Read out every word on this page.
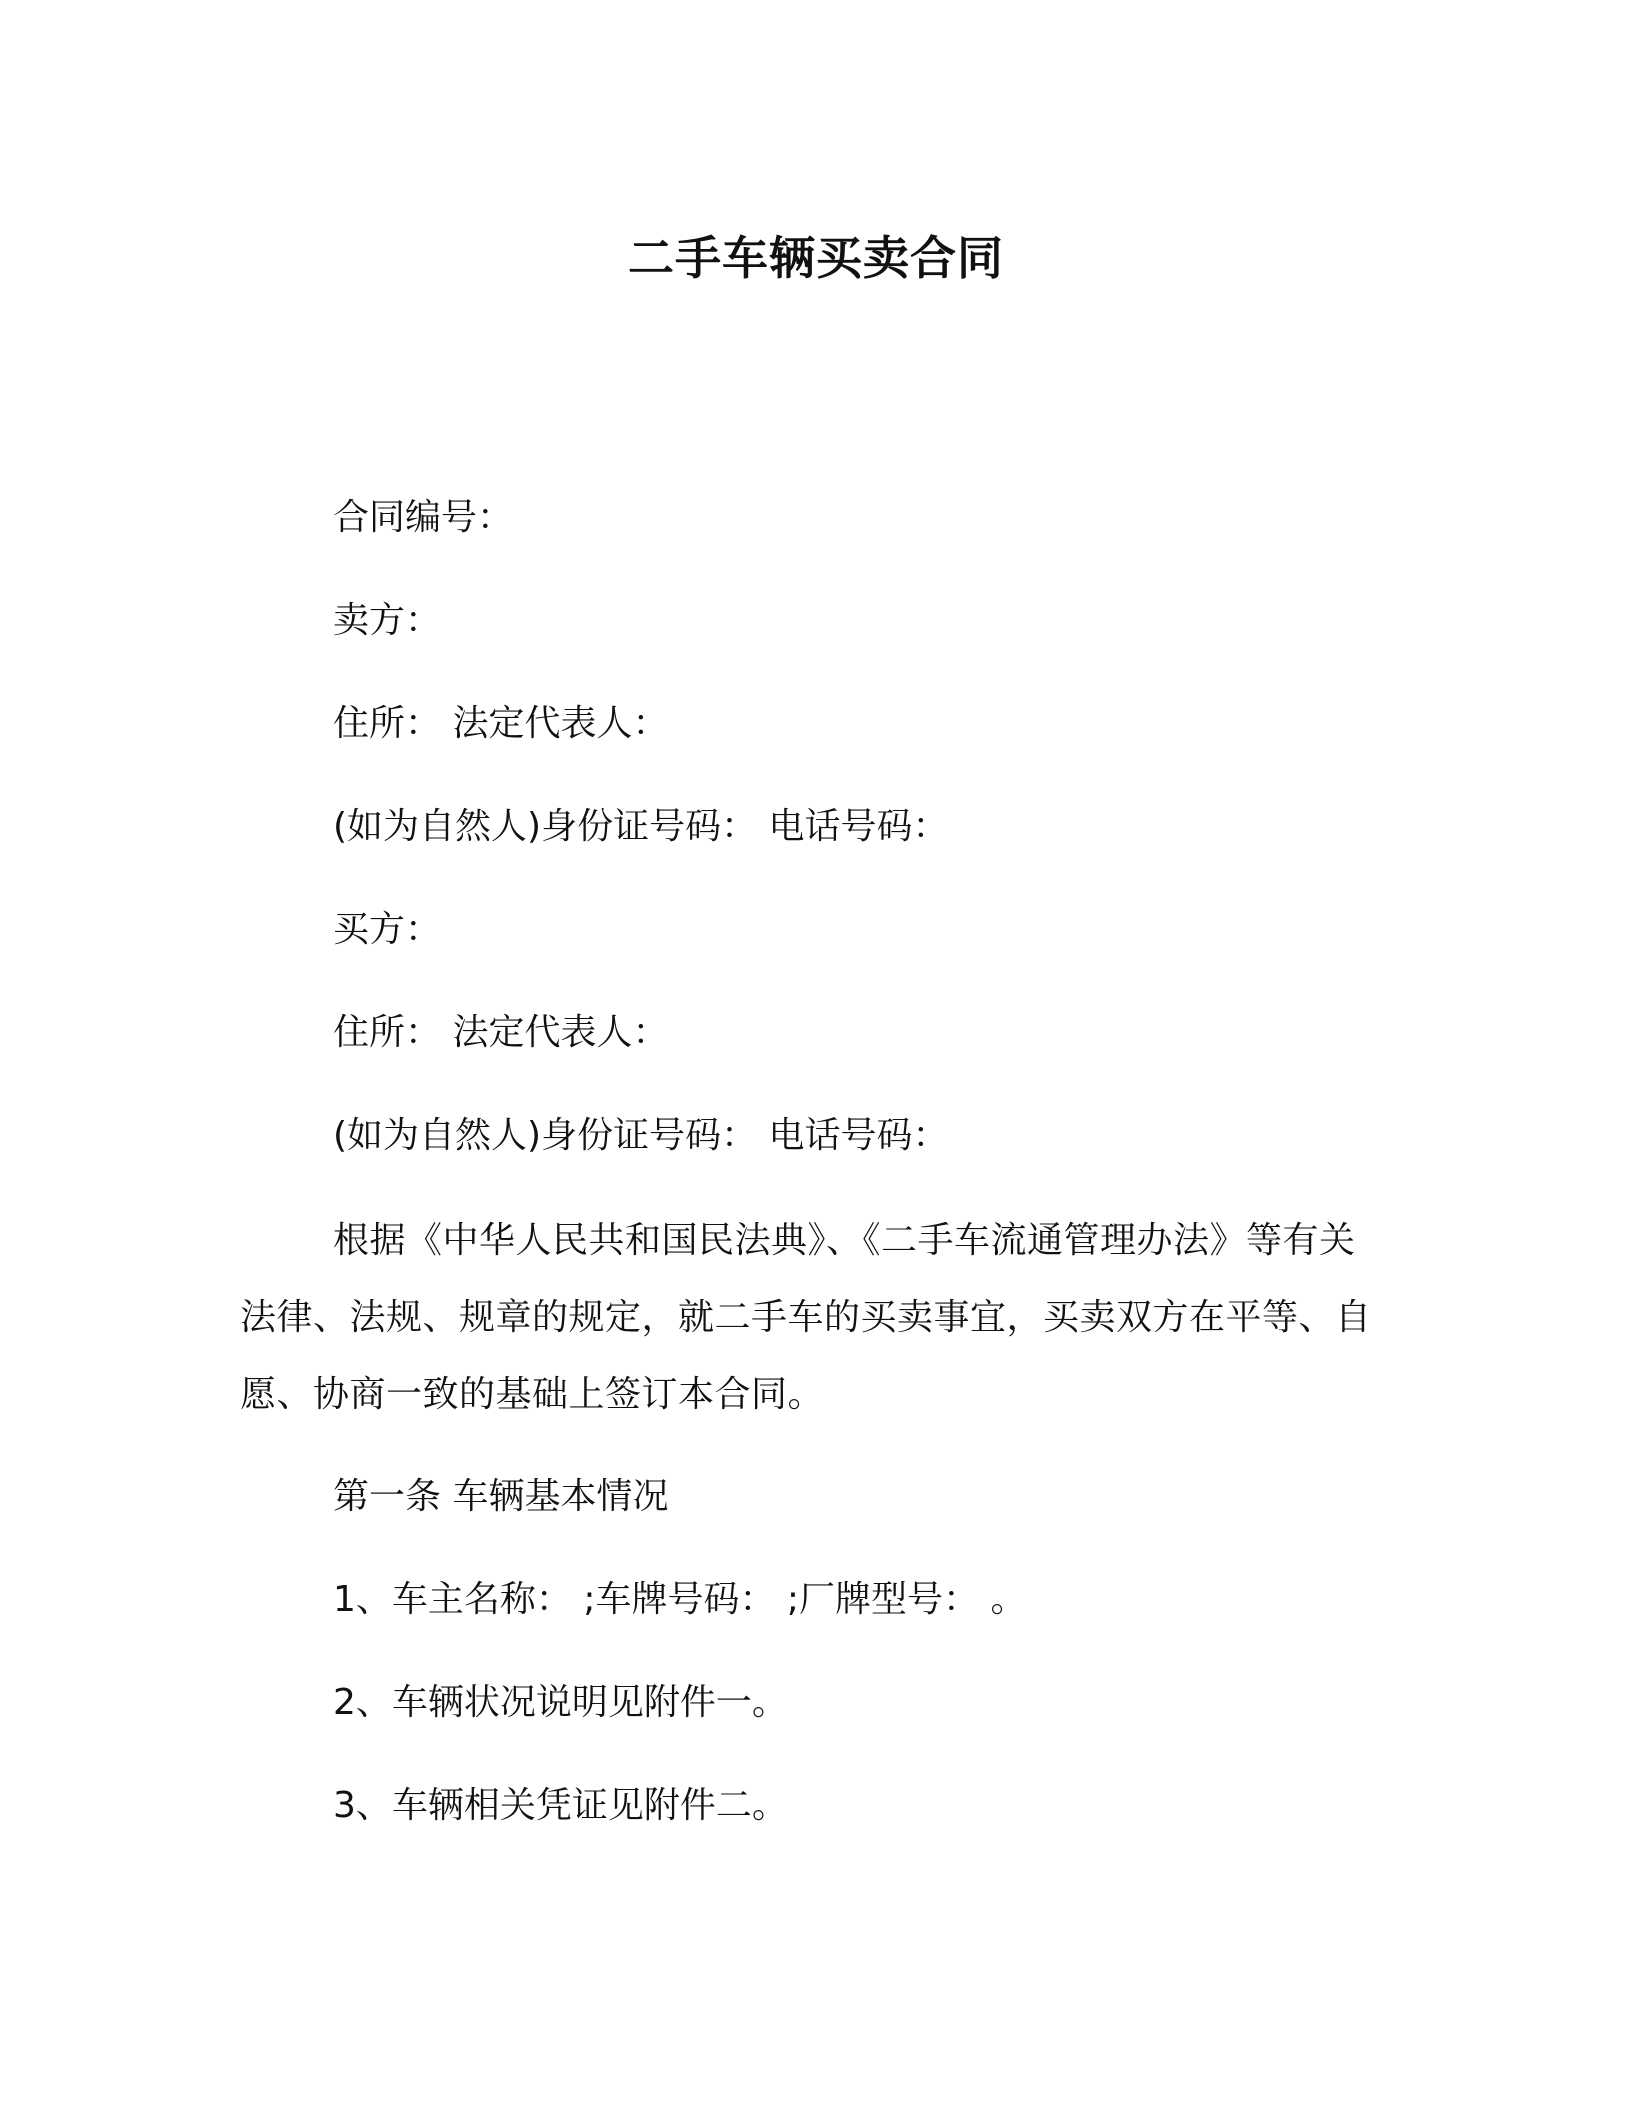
二手车辆买卖合同

合同编号：

卖方：

住所： 法定代表人：

(如为自然人)身份证号码： 电话号码：

买方：

住所： 法定代表人：

(如为自然人)身份证号码： 电话号码：

根据《中华人民共和国民法典》、《二手车流通管理办法》等有关法律、法规、规章的规定，就二手车的买卖事宜，买卖双方在平等、自愿、协商一致的基础上签订本合同。

第一条 车辆基本情况

1、车主名称： ;车牌号码： ;厂牌型号： 。

2、车辆状况说明见附件一。

3、车辆相关凭证见附件二。
